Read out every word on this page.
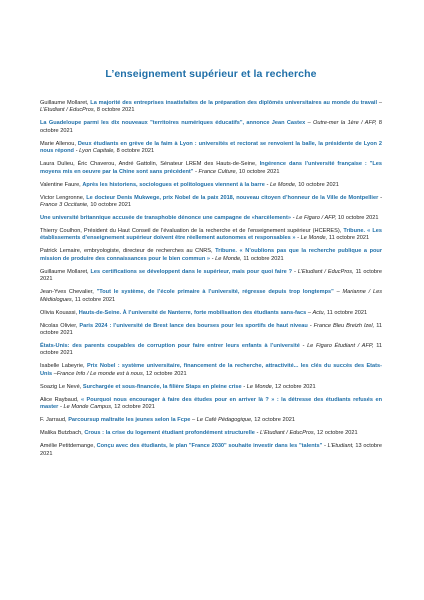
L’enseignement supérieur et la recherche
Guillaume Mollaret, La majorité des entreprises insatisfaites de la préparation des diplômés universitaires au monde du travail – L’Etudiant / EducPros, 8 octobre 2021
La Guadeloupe parmi les dix nouveaux "territoires numériques éducatifs", annonce Jean Castex – Outre-mer la 1ère / AFP, 8 octobre 2021
Marie Allenou, Deux étudiants en grève de la faim à Lyon : universités et rectorat se renvoient la balle, la présidente de Lyon 2 nous répond - Lyon Capitale, 8 octobre 2021
Laura Dulieu, Éric Chaverou, André Gattolin, Sénateur LREM des Hauts-de-Seine, Ingérence dans l’université française : "Les moyens mis en oeuvre par la Chine sont sans précédent" - France Culture, 10 octobre 2021
Valentine Faure, Après les historiens, sociologues et politologues viennent à la barre - Le Monde, 10 octobre 2021
Victor Lengronne, Le docteur Denis Mukwege, prix Nobel de la paix 2018, nouveau citoyen d’honneur de la Ville de Montpellier - France 3 Occitanie, 10 octobre 2021
Une université britannique accusée de transphobie dénonce une campagne de «harcèlement» - Le Figaro / AFP, 10 octobre 2021
Thierry Coulhon, Président du Haut Conseil de l’évaluation de la recherche et de l’enseignement supérieur (HCERES), Tribune. « Les établissements d’enseignement supérieur doivent être réellement autonomes et responsables » - Le Monde, 11 octobre 2021
Patrick Lemaire, embryologiste, directeur de recherches au CNRS, Tribune. « N’oublions pas que la recherche publique a pour mission de produire des connaissances pour le bien commun » - Le Monde, 11 octobre 2021
Guillaume Mollaret, Les certifications se développent dans le supérieur, mais pour quoi faire ? - L’Etudiant / EducPros, 11 octobre 2021
Jean-Yves Chevalier, "Tout le système, de l’école primaire à l’université, régresse depuis trop longtemps" – Marianne / Les Médiologues, 11 octobre 2021
Olivia Kouassi, Hauts-de-Seine. À l’université de Nanterre, forte mobilisation des étudiants sans-facs – Actu, 11 octobre 2021
Nicolas Olivier, Paris 2024 : l’université de Brest lance des bourses pour les sportifs de haut niveau - France Bleu Breizh Izel, 11 octobre 2021
États-Unis: des parents coupables de corruption pour faire entrer leurs enfants à l’université - Le Figaro Étudiant / AFP, 11 octobre 2021
Isabelle Labeyrie, Prix Nobel : système universitaire, financement de la recherche, attractivité... les clés du succès des Etats-Unis –France Info / Le monde est à nous, 12 octobre 2021
Soazig Le Nevé, Surchargée et sous-financée, la filière Staps en pleine crise - Le Monde, 12 octobre 2021
Alice Raybaud, « Pourquoi nous encourager à faire des études pour en arriver là ? » : la détresse des étudiants refusés en master - Le Monde Campus, 12 octobre 2021
F. Jarraud, Parcoursup maltraite les jeunes selon la Fcpe – Le Café Pédagogique, 12 octobre 2021
Malika Butzbach, Crous : la crise du logement étudiant profondément structurelle - L’Etudiant / EducPros, 12 octobre 2021
Amélie Petitdemange, Conçu avec des étudiants, le plan "France 2030" souhaite investir dans les "talents" - L’Etudiant, 13 octobre 2021
